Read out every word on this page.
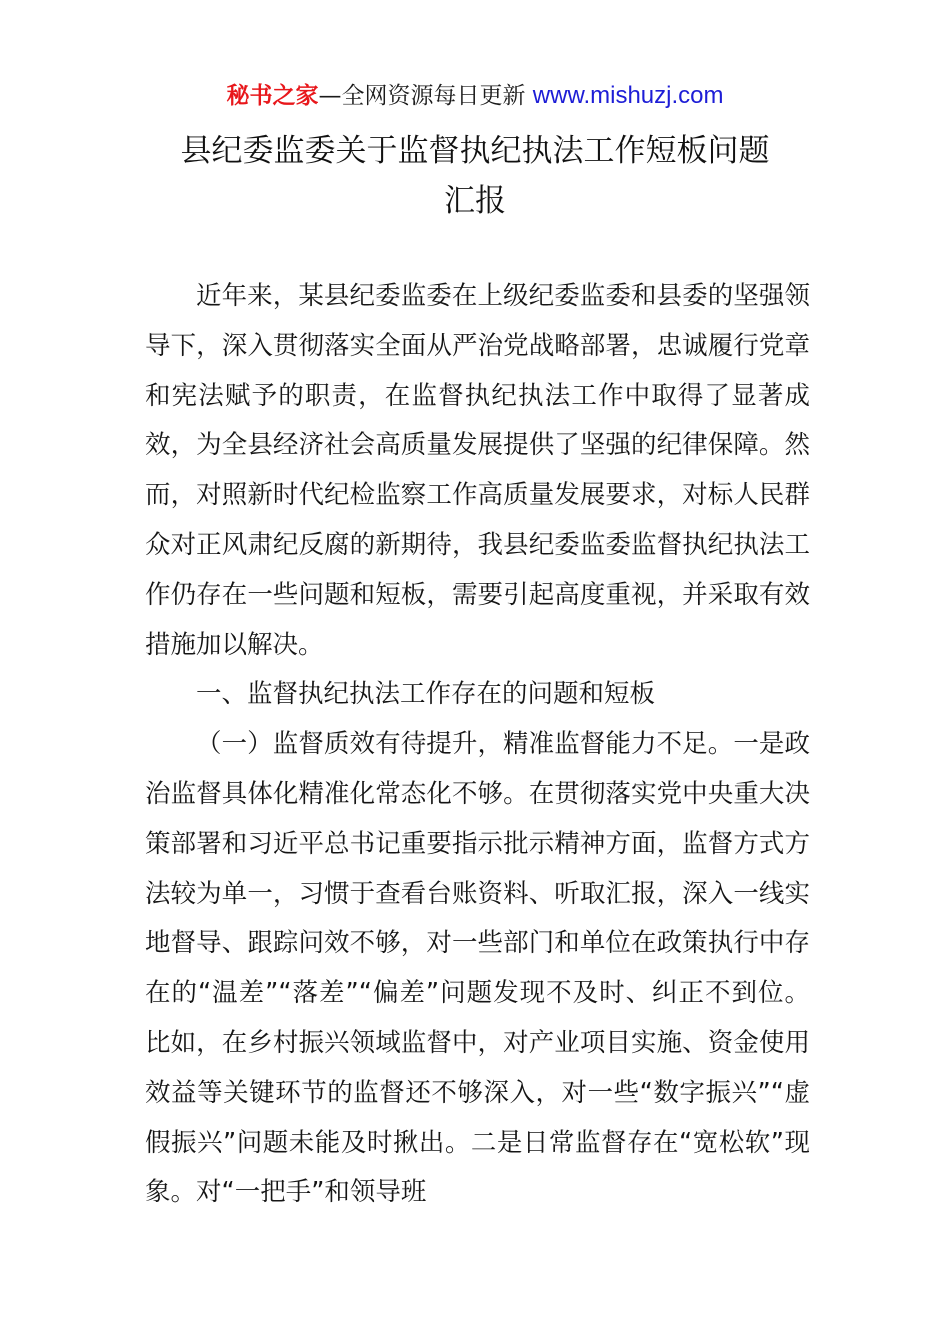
秘书之家—全网资源每日更新 www.mishuzj.com
县纪委监委关于监督执纪执法工作短板问题
汇报

近年来，某县纪委监委在上级纪委监委和县委的坚强领导下，深入贯彻落实全面从严治党战略部署，忠诚履行党章和宪法赋予的职责，在监督执纪执法工作中取得了显著成效，为全县经济社会高质量发展提供了坚强的纪律保障。然而，对照新时代纪检监察工作高质量发展要求，对标人民群众对正风肃纪反腐的新期待，我县纪委监委监督执纪执法工作仍存在一些问题和短板，需要引起高度重视，并采取有效措施加以解决。

一、监督执纪执法工作存在的问题和短板

（一）监督质效有待提升，精准监督能力不足。一是政治监督具体化精准化常态化不够。在贯彻落实党中央重大决策部署和习近平总书记重要指示批示精神方面，监督方式方法较为单一，习惯于查看台账资料、听取汇报，深入一线实地督导、跟踪问效不够，对一些部门和单位在政策执行中存在的“温差”“落差”“偏差”问题发现不及时、纠正不到位。比如，在乡村振兴领域监督中，对产业项目实施、资金使用效益等关键环节的监督还不够深入，对一些“数字振兴”“虚假振兴”问题未能及时揪出。二是日常监督存在“宽松软”现象。对“一把手”和领导班
